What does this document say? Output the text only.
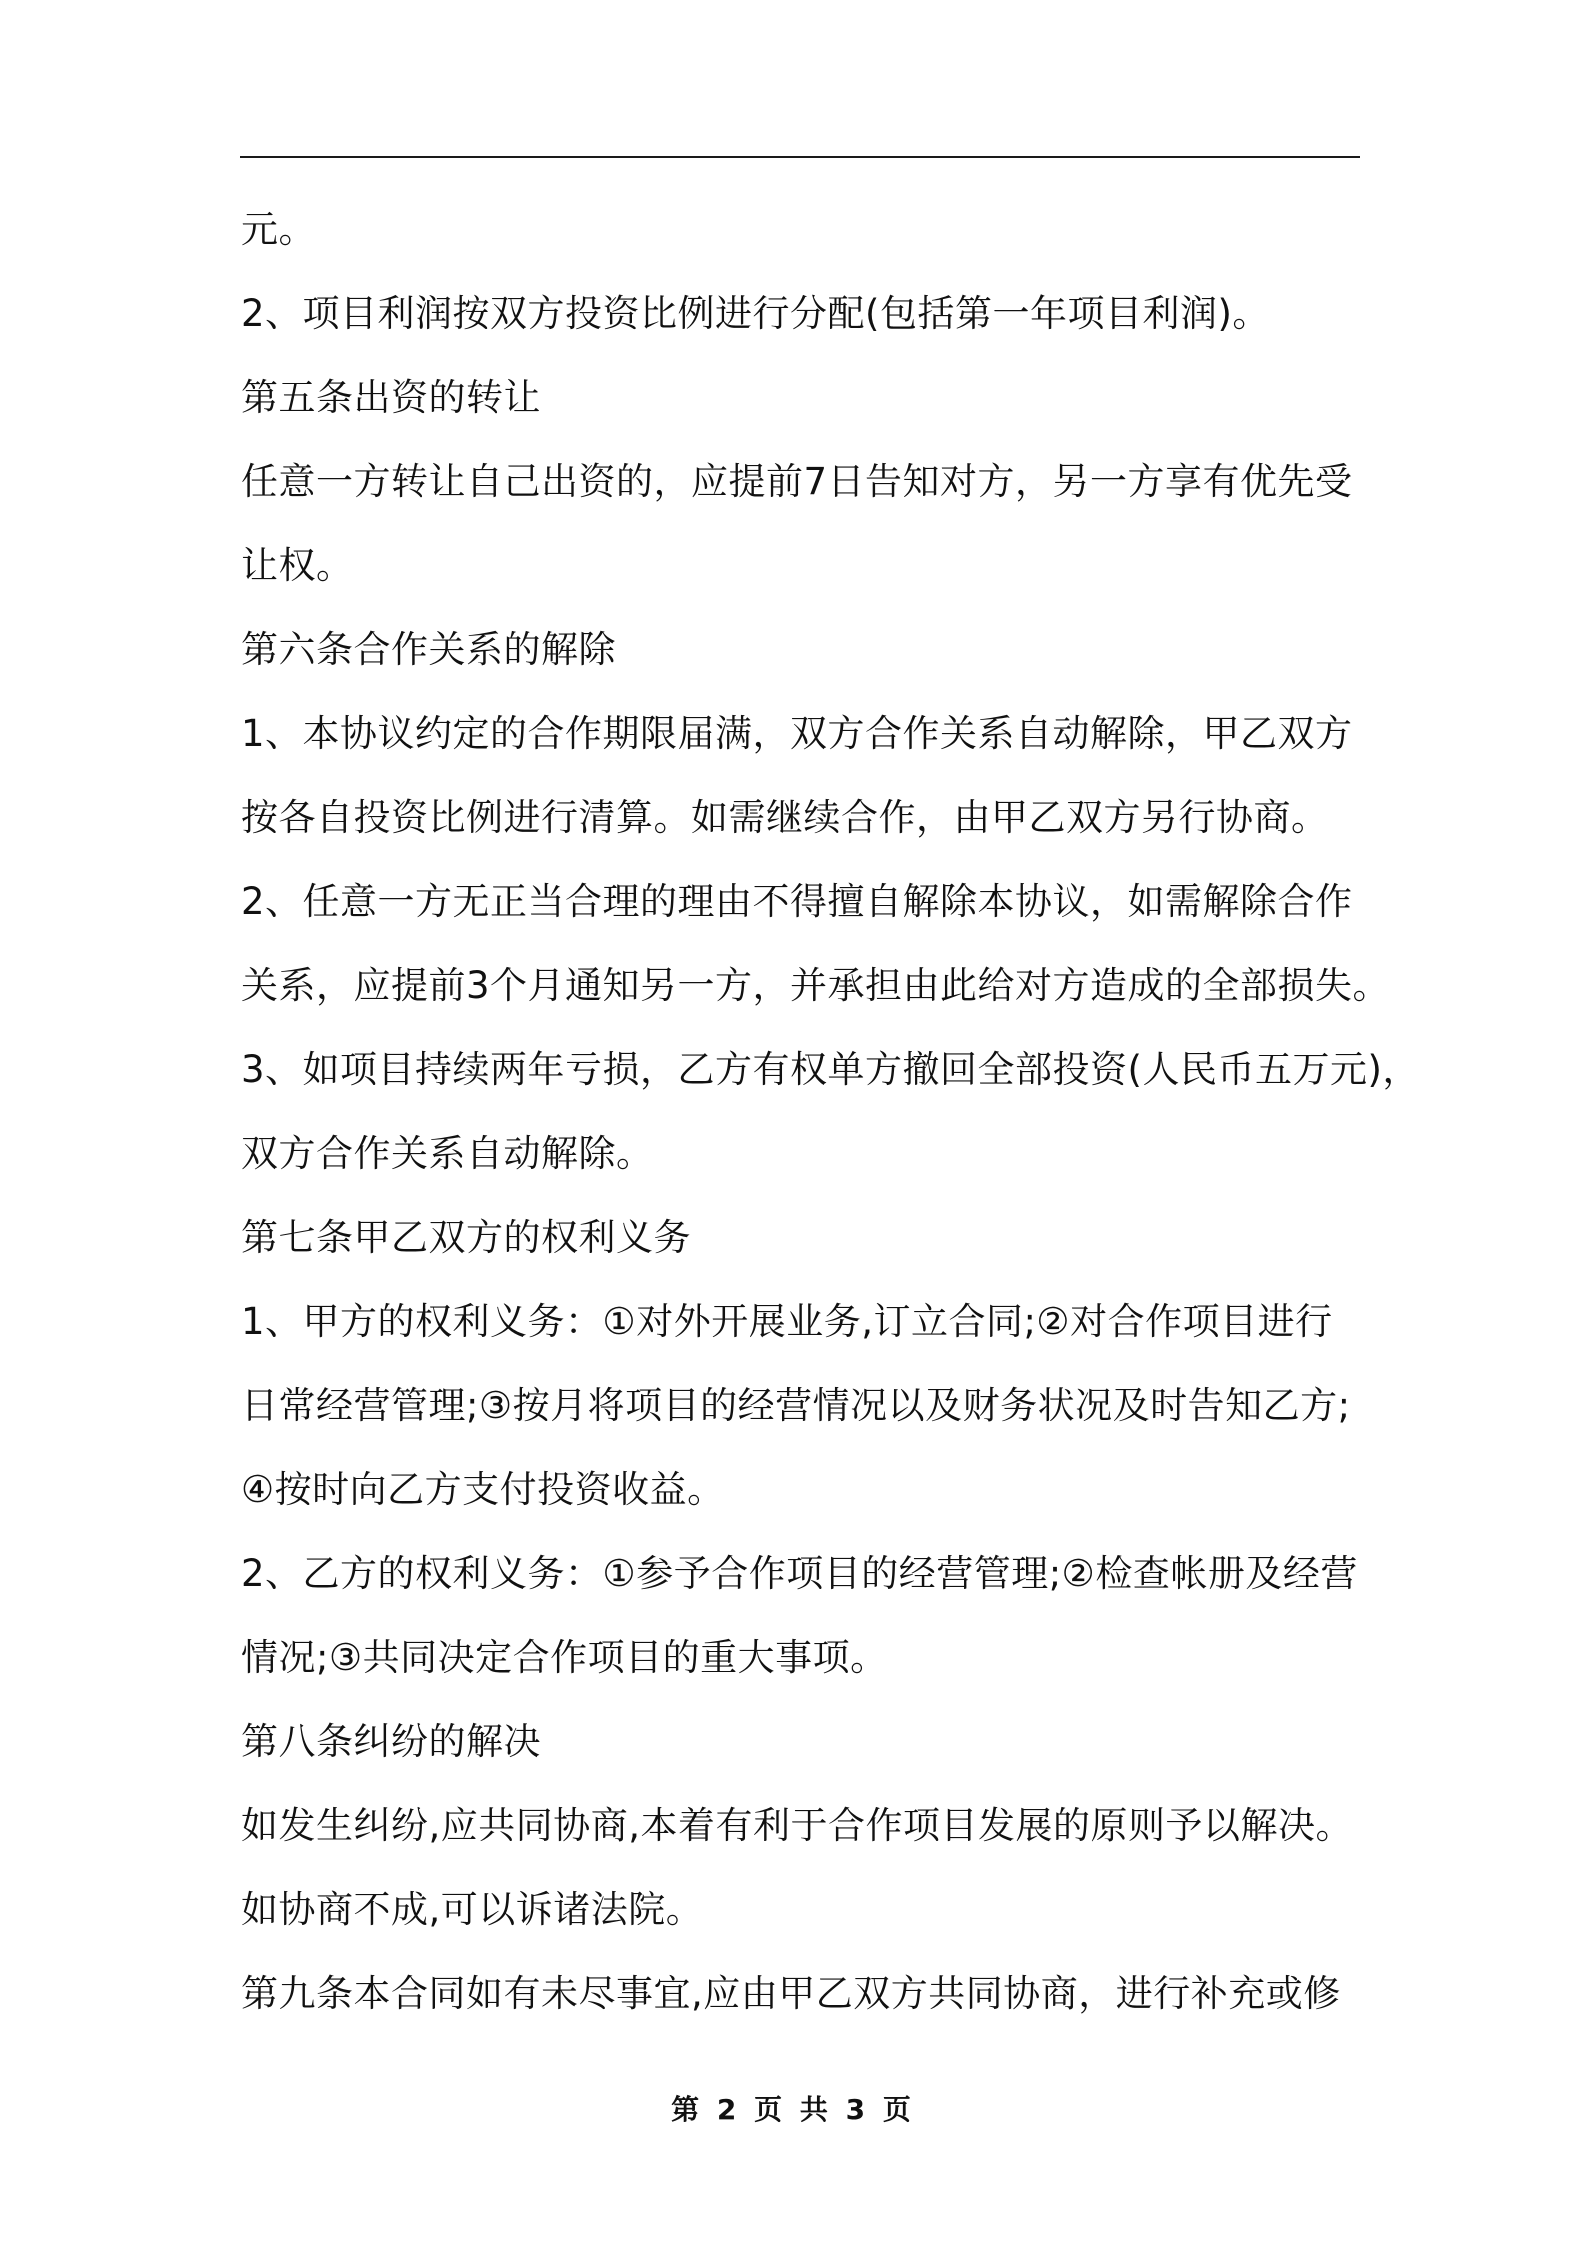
元。
2、项目利润按双方投资比例进行分配(包括第一年项目利润)。
第五条出资的转让
任意一方转让自己出资的，应提前7日告知对方，另一方享有优先受
让权。
第六条合作关系的解除
1、本协议约定的合作期限届满，双方合作关系自动解除，甲乙双方
按各自投资比例进行清算。如需继续合作，由甲乙双方另行协商。
2、任意一方无正当合理的理由不得擅自解除本协议，如需解除合作
关系，应提前3个月通知另一方，并承担由此给对方造成的全部损失。
3、如项目持续两年亏损，乙方有权单方撤回全部投资(人民币五万元)，
双方合作关系自动解除。
第七条甲乙双方的权利义务
1、甲方的权利义务：①对外开展业务,订立合同;②对合作项目进行
日常经营管理;③按月将项目的经营情况以及财务状况及时告知乙方;
④按时向乙方支付投资收益。
2、乙方的权利义务：①参予合作项目的经营管理;②检查帐册及经营
情况;③共同决定合作项目的重大事项。
第八条纠纷的解决
如发生纠纷,应共同协商,本着有利于合作项目发展的原则予以解决。
如协商不成,可以诉诸法院。
第九条本合同如有未尽事宜,应由甲乙双方共同协商，进行补充或修
第 2 页 共 3 页
